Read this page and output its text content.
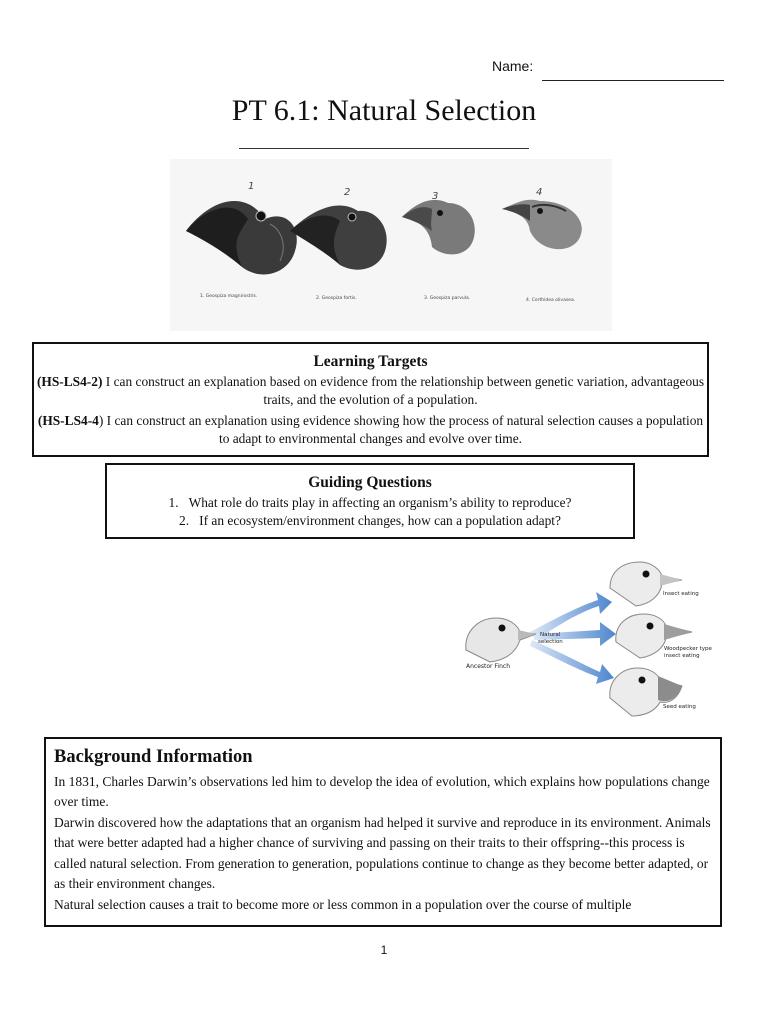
Name:
PT 6.1: Natural Selection
1
1. Geospiza magnirostris.
2
2. Geospiza fortis.
3
3. Geospiza parvula.
4
4. Certhidea olivasea.
Learning Targets

(HS-LS4-2) I can construct an explanation based on evidence from the relationship between genetic variation, advantageous traits, and the evolution of a population.

(HS-LS4-4) I can construct an explanation using evidence showing how the process of natural selection causes a population to adapt to environmental changes and evolve over time.

Guiding Questions
1. What role do traits play in affecting an organism’s ability to reproduce?
2. If an ecosystem/environment changes, how can a population adapt?
Ancestor Finch
Natural
selection
Insect eating
Woodpecker type
insect eating
Seed eating
Background Information

In 1831, Charles Darwin’s observations led him to develop the idea of evolution, which explains how populations change over time.

Darwin discovered how the adaptations that an organism had helped it survive and reproduce in its environment. Animals that were better adapted had a higher chance of surviving and passing on their traits to their offspring--this process is called natural selection. From generation to generation, populations continue to change as they become better adapted, or as their environment changes.

Natural selection causes a trait to become more or less common in a population over the course of multiple

1
